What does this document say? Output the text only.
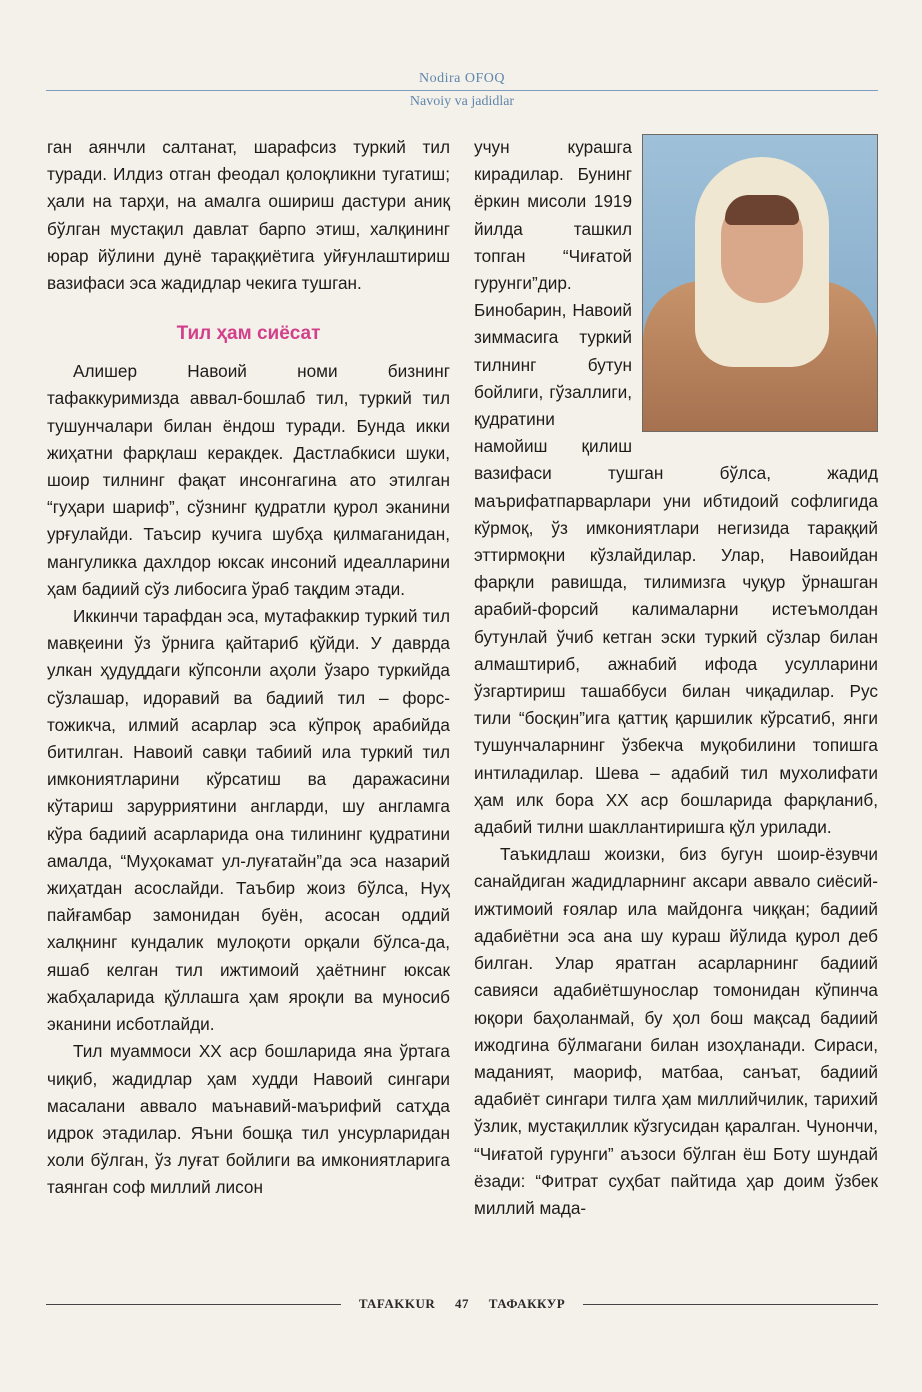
Nodira OFOQ
Navoiy va jadidlar

ган аянчли салтанат, шарафсиз туркий тил туради. Илдиз отган феодал қолоқликни тугатиш; ҳали на тарҳи, на амалга ошириш дастури аниқ бўлган мустақил давлат барпо этиш, халқининг юрар йўлини дунё тараққиётига уйғунлаштириш вазифаси эса жадидлар чекига тушган.

Тил ҳам сиёсат

Алишер Навоий номи бизнинг тафаккуримизда аввал-бошлаб тил, туркий тил тушунчалари билан ёндош туради. Бунда икки жиҳатни фарқлаш керакдек. Дастлабкиси шуки, шоир тилнинг фақат инсонгагина ато этилган “гуҳари шариф”, сўзнинг қудратли қурол эканини урғулайди. Таъсир кучига шубҳа қилмаганидан, мангуликка дахлдор юксак инсоний идеалларини ҳам бадиий сўз либосига ўраб тақдим этади.

Иккинчи тарафдан эса, мутафаккир туркий тил мавқеини ўз ўрнига қайтариб қўйди. У даврда улкан ҳудуддаги кўпсонли аҳоли ўзаро туркийда сўзлашар, идоравий ва бадиий тил – форс-тожикча, илмий асарлар эса кўпроқ арабийда битилган. Навоий савқи табиий ила туркий тил имкониятларини кўрсатиш ва даражасини кўтариш зарурриятини англарди, шу англамга кўра бадиий асарларида она тилининг қудратини амалда, “Муҳокамат ул-луғатайн”да эса назарий жиҳатдан асослайди. Таъбир жоиз бўлса, Нуҳ пайғамбар замонидан буён, асосан оддий халқнинг кундалик мулоқоти орқали бўлса-да, яшаб келган тил ижтимоий ҳаётнинг юксак жабҳаларида қўллашга ҳам яроқли ва муносиб эканини исботлайди.

Тил муаммоси XX аср бошларида яна ўртага чиқиб, жадидлар ҳам худди Навоий сингари масалани аввало маънавий-маърифий сатҳда идрок этадилар. Яъни бошқа тил унсурларидан холи бўлган, ўз луғат бойлиги ва имкониятларига таянган соф миллий лисон

учун курашга киpадилар. Бунинг ёркин мисоли 1919 йилда ташкил топган “Чиғатой гурунги”дир. Бинобарин, Навоий зиммасига туркий тилнинг бутун бойлиги, гўзаллиги, қудратини намойиш қилиш вазифаси тушган бўлса, жадид маърифатпарварлари уни ибтидоий софлигида кўрмоқ, ўз имкониятлари негизида тараққий эттирмоқни кўзлайдилар. Улар, Навоийдан фарқли равишда, тилимизга чуқур ўрнашган арабий-форсий калималарни истеъмолдан бутунлай ўчиб кетган эски туркий сўзлар билан алмаштириб, ажнабий ифода усулларини ўзгартириш ташаббуси билан чиқадилар. Рус тили “босқин”ига қаттиқ қаршилик кўрсатиб, янги тушунчаларнинг ўзбекча муқобилини топишга интиладилар. Шева – адабий тил мухолифати ҳам илк бора XX аср бошларида фарқланиб, адабий тилни шакллантиришга қўл урилади.

Таъкидлаш жоизки, биз бугун шоир-ёзувчи санайдиган жадидларнинг аксари аввало сиёсий-ижтимоий ғоялар ила майдонга чиққан; бадиий адабиётни эса ана шу кураш йўлида қурол деб билган. Улар яратган асарларнинг бадиий савияси адабиётшунослар томонидан кўпинча юқори баҳоланмай, бу ҳол бош мақсад бадиий ижодгина бўлмагани билан изоҳланади. Сираси, маданият, маориф, матбаа, санъат, бадиий адабиёт сингари тилга ҳам миллийчилик, тарихий ўзлик, мустақиллик кўзгусидан қаралган. Чунончи, “Чиғатой гурунги” аъзоси бўлган ёш Боту шундай ёзади: “Фитрат суҳбат пайтида ҳар доим ўзбек миллий мада-

TAFAKKUR 47 ТАФАККУР
